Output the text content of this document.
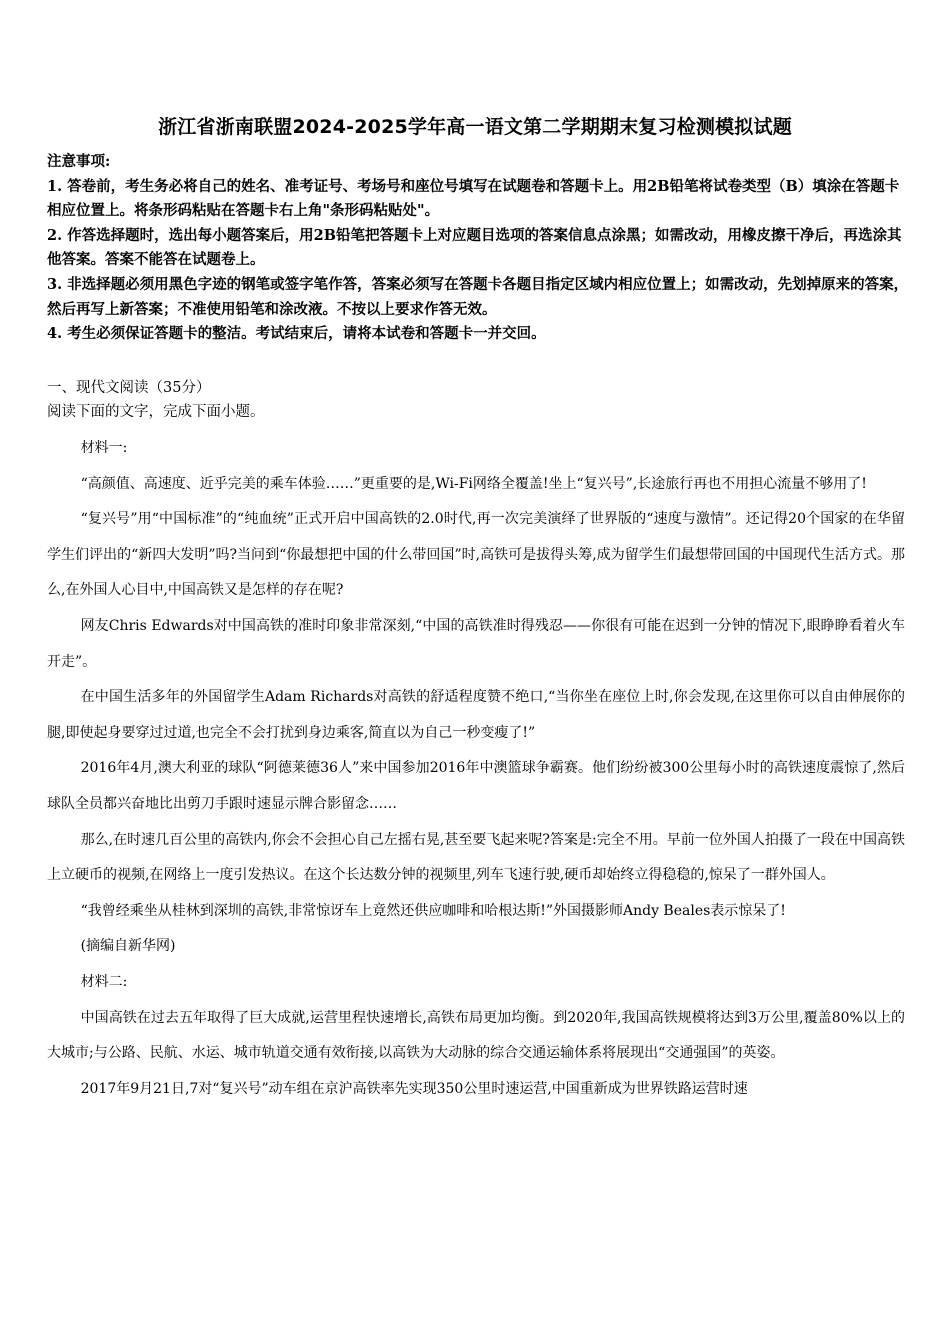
浙江省浙南联盟2024-2025学年高一语文第二学期期末复习检测模拟试题

注意事项:

1. 答卷前，考生务必将自己的姓名、准考证号、考场号和座位号填写在试题卷和答题卡上。用2B铅笔将试卷类型（B）填涂在答题卡相应位置上。将条形码粘贴在答题卡右上角"条形码粘贴处"。

2. 作答选择题时，选出每小题答案后，用2B铅笔把答题卡上对应题目选项的答案信息点涂黑；如需改动，用橡皮擦干净后，再选涂其他答案。答案不能答在试题卷上。

3. 非选择题必须用黑色字迹的钢笔或签字笔作答，答案必须写在答题卡各题目指定区域内相应位置上；如需改动，先划掉原来的答案，然后再写上新答案；不准使用铅笔和涂改液。不按以上要求作答无效。

4. 考生必须保证答题卡的整洁。考试结束后，请将本试卷和答题卡一并交回。

一、现代文阅读（35分）

阅读下面的文字，完成下面小题。

材料一:

“高颜值、高速度、近乎完美的乘车体验……”更重要的是,Wi-Fi网络全覆盖!坐上“复兴号”,长途旅行再也不用担心流量不够用了!

“复兴号”用“中国标准”的“纯血统”正式开启中国高铁的2.0时代,再一次完美演绎了世界版的“速度与激情”。还记得20个国家的在华留学生们评出的“新四大发明”吗?当问到“你最想把中国的什么带回国”时,高铁可是拔得头筹,成为留学生们最想带回国的中国现代生活方式。那么,在外国人心目中,中国高铁又是怎样的存在呢?

网友Chris Edwards对中国高铁的准时印象非常深刻,“中国的高铁准时得残忍——你很有可能在迟到一分钟的情况下,眼睁睁看着火车开走”。

在中国生活多年的外国留学生Adam Richards对高铁的舒适程度赞不绝口,“当你坐在座位上时,你会发现,在这里你可以自由伸展你的腿,即使起身要穿过过道,也完全不会打扰到身边乘客,简直以为自己一秒变瘦了!”

2016年4月,澳大利亚的球队“阿德莱德36人”来中国参加2016年中澳篮球争霸赛。他们纷纷被300公里每小时的高铁速度震惊了,然后球队全员都兴奋地比出剪刀手跟时速显示牌合影留念……

那么,在时速几百公里的高铁内,你会不会担心自己左摇右晃,甚至要飞起来呢?答案是:完全不用。早前一位外国人拍摄了一段在中国高铁上立硬币的视频,在网络上一度引发热议。在这个长达数分钟的视频里,列车飞速行驶,硬币却始终立得稳稳的,惊呆了一群外国人。

“我曾经乘坐从桂林到深圳的高铁,非常惊讶车上竟然还供应咖啡和哈根达斯!”外国摄影师Andy Beales表示惊呆了!

(摘编自新华网)

材料二:

中国高铁在过去五年取得了巨大成就,运营里程快速增长,高铁布局更加均衡。到2020年,我国高铁规模将达到3万公里,覆盖80%以上的大城市;与公路、民航、水运、城市轨道交通有效衔接,以高铁为大动脉的综合交通运输体系将展现出“交通强国”的英姿。

2017年9月21日,7对“复兴号”动车组在京沪高铁率先实现350公里时速运营,中国重新成为世界铁路运营时速
